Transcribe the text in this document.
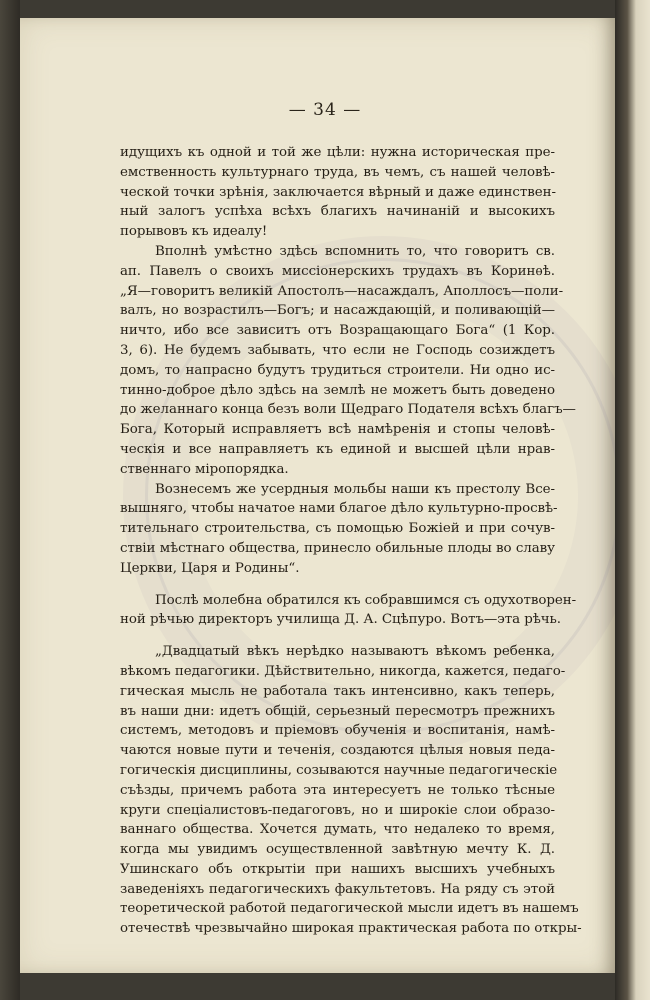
— 34 —
идущихъ къ одной и той же цѣли: нужна историческая пре-
емственность культурнаго труда, въ чемъ, съ нашей человѣ-
ческой точки зрѣнія, заключается вѣрный и даже единствен-
ный залогъ успѣха всѣхъ благихъ начинаній и высокихъ
порывовъ къ идеалу!
Вполнѣ умѣстно здѣсь вспомнить то, что говоритъ св.
ап. Павелъ о своихъ миссіонерскихъ трудахъ въ Коринѳѣ.
„Я—говоритъ великій Апостолъ—насаждалъ, Аполлосъ—поли-
валъ, но возрастилъ—Богъ; и насаждающій, и поливающій—
ничто, ибо все зависитъ отъ Возращающаго Бога“ (1 Кор.
3, 6). Не будемъ забывать, что если не Господь созиждетъ
домъ, то напрасно будутъ трудиться строители. Ни одно ис-
тинно-доброе дѣло здѣсь на землѣ не можетъ быть доведено
до желаннаго конца безъ воли Щедраго Подателя всѣхъ благъ—
Бога, Который исправляетъ всѣ намѣренія и стопы человѣ-
ческія и все направляетъ къ единой и высшей цѣли нрав-
ственнаго міропорядка.
Вознесемъ же усердныя мольбы наши къ престолу Все-
вышняго, чтобы начатое нами благое дѣло культурно-просвѣ-
тительнаго строительства, съ помощью Божіей и при сочув-
ствіи мѣстнаго общества, принесло обильные плоды во славу
Церкви, Царя и Родины“.
Послѣ молебна обратился къ собравшимся съ одухотворен-
ной рѣчью директоръ училища Д. А. Сцѣпуро. Вотъ—эта рѣчь.
„Двадцатый вѣкъ нерѣдко называютъ вѣкомъ ребенка,
вѣкомъ педагогики. Дѣйствительно, никогда, кажется, педаго-
гическая мысль не работала такъ интенсивно, какъ теперь,
въ наши дни: идетъ общій, серьезный пересмотръ прежнихъ
системъ, методовъ и пріемовъ обученія и воспитанія, намѣ-
чаются новые пути и теченія, создаются цѣлыя новыя педа-
гогическія дисциплины, созываются научные педагогическіе
съѣзды, причемъ работа эта интересуетъ не только тѣсные
круги спеціалистовъ-педагоговъ, но и широкіе слои образо-
ваннаго общества. Хочется думать, что недалеко то время,
когда мы увидимъ осуществленной завѣтную мечту К. Д.
Ушинскаго объ открытіи при нашихъ высшихъ учебныхъ
заведеніяхъ педагогическихъ факультетовъ. На ряду съ этой
теоретической работой педагогической мысли идетъ въ нашемъ
отечествѣ чрезвычайно широкая практическая работа по откры-
